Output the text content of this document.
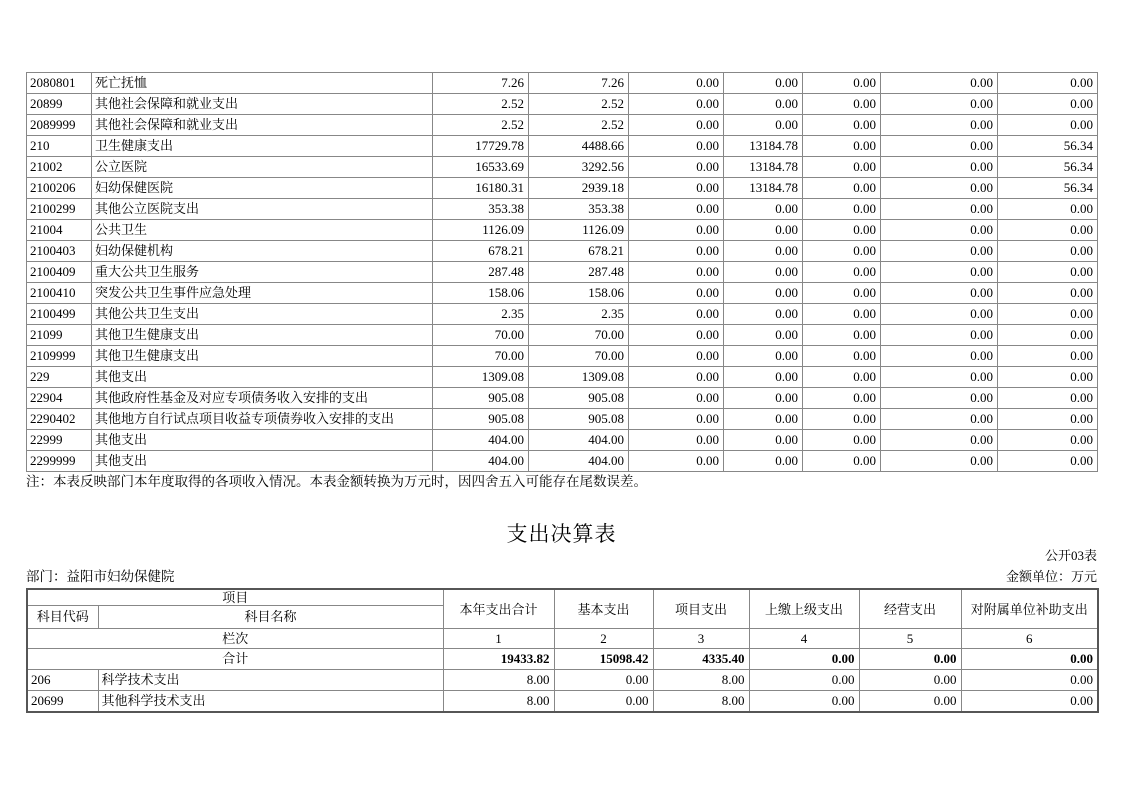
2080801	死亡抚恤	7.26	7.26	0.00	0.00	0.00	0.00	0.00
20899	其他社会保障和就业支出	2.52	2.52	0.00	0.00	0.00	0.00	0.00
2089999	其他社会保障和就业支出	2.52	2.52	0.00	0.00	0.00	0.00	0.00
210	卫生健康支出	17729.78	4488.66	0.00	13184.78	0.00	0.00	56.34
21002	公立医院	16533.69	3292.56	0.00	13184.78	0.00	0.00	56.34
2100206	妇幼保健医院	16180.31	2939.18	0.00	13184.78	0.00	0.00	56.34
2100299	其他公立医院支出	353.38	353.38	0.00	0.00	0.00	0.00	0.00
21004	公共卫生	1126.09	1126.09	0.00	0.00	0.00	0.00	0.00
2100403	妇幼保健机构	678.21	678.21	0.00	0.00	0.00	0.00	0.00
2100409	重大公共卫生服务	287.48	287.48	0.00	0.00	0.00	0.00	0.00
2100410	突发公共卫生事件应急处理	158.06	158.06	0.00	0.00	0.00	0.00	0.00
2100499	其他公共卫生支出	2.35	2.35	0.00	0.00	0.00	0.00	0.00
21099	其他卫生健康支出	70.00	70.00	0.00	0.00	0.00	0.00	0.00
2109999	其他卫生健康支出	70.00	70.00	0.00	0.00	0.00	0.00	0.00
229	其他支出	1309.08	1309.08	0.00	0.00	0.00	0.00	0.00
22904	其他政府性基金及对应专项债务收入安排的支出	905.08	905.08	0.00	0.00	0.00	0.00	0.00
2290402	其他地方自行试点项目收益专项债券收入安排的支出	905.08	905.08	0.00	0.00	0.00	0.00	0.00
22999	其他支出	404.00	404.00	0.00	0.00	0.00	0.00	0.00
2299999	其他支出	404.00	404.00	0.00	0.00	0.00	0.00	0.00
注：本表反映部门本年度取得的各项收入情况。本表金额转换为万元时，因四舍五入可能存在尾数误差。
支出决算表
公开03表
金额单位：万元
部门：益阳市妇幼保健院
项目		本年支出合计	基本支出	项目支出	上缴上级支出	经营支出	对附属单位补助支出
科目代码	科目名称						
栏次		1	2	3	4	5	6
合计		19433.82	15098.42	4335.40	0.00	0.00	0.00
206	科学技术支出	8.00	0.00	8.00	0.00	0.00	0.00
20699	其他科学技术支出	8.00	0.00	8.00	0.00	0.00	0.00
